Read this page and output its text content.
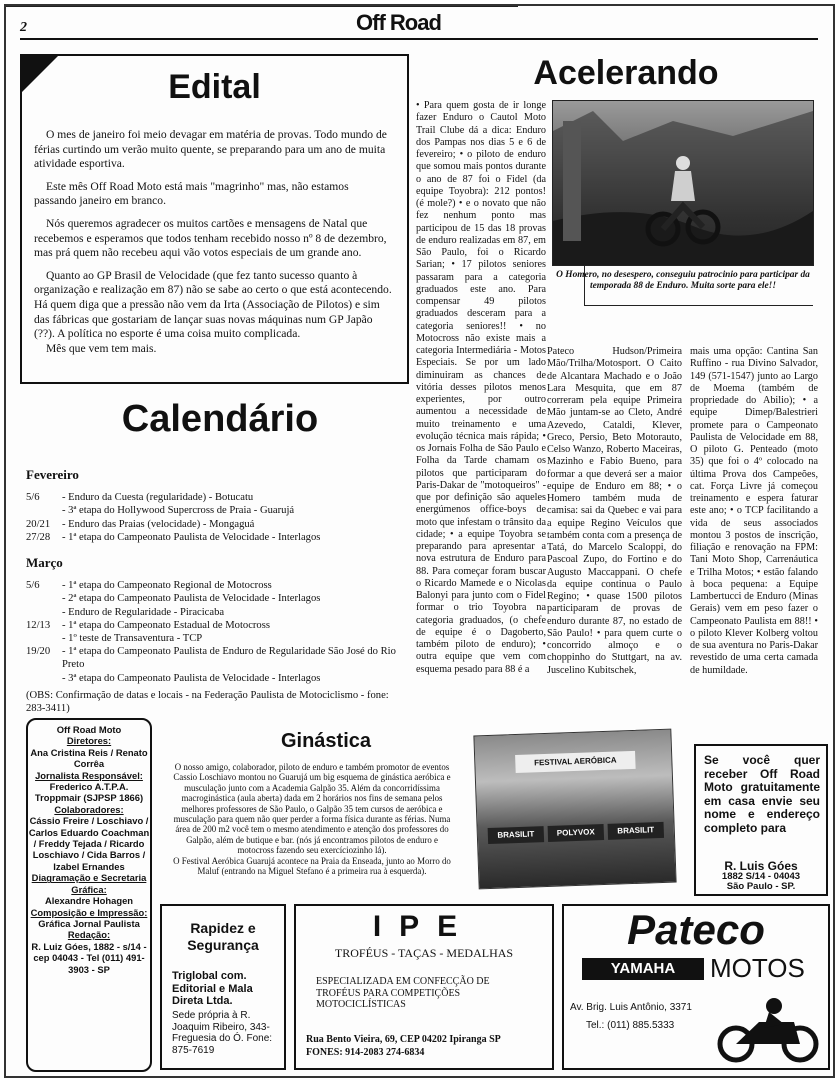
2	Off Road
Edital

O mes de janeiro foi meio devagar em matéria de provas. Todo mundo de férias curtindo um verão muito quente, se preparando para um ano de muita atividade esportiva.

Este mês Off Road Moto está mais "magrinho" mas, não estamos passando janeiro em branco.

Nós queremos agradecer os muitos cartões e mensagens de Natal que recebemos e esperamos que todos tenham recebido nosso nº 8 de dezembro, mas prá quem não recebeu aqui vão votos especiais de um grande ano.

Quanto ao GP Brasil de Velocidade (que fez tanto sucesso quanto à organização e realização em 87) não se sabe ao certo o que está acontecendo. Há quem diga que a pressão não vem da Irta (Associação de Pilotos) e sim das fábricas que gostariam de lançar suas novas máquinas num GP Japão (??). A política no esporte é uma coisa muito complicada.

Mês que vem tem mais.

Calendário
Fevereiro
5/6	- Enduro da Cuesta (regularidade) - Botucatu
- 3ª etapa do Hollywood Supercross de Praia - Guarujá
20/21	- Enduro das Praias (velocidade) - Mongaguá
27/28	- 1ª etapa do Campeonato Paulista de Velocidade - Interlagos
Março
5/6	- 1ª etapa do Campeonato Regional de Motocross
- 2ª etapa do Campeonato Paulista de Velocidade - Interlagos
- Enduro de Regularidade - Piracicaba
12/13	- 1ª etapa do Campeonato Estadual de Motocross
- 1º teste de Transaventura - TCP
19/20	- 1ª etapa do Campeonato Paulista de Enduro de Regularidade São José do Rio Preto
- 3ª etapa do Campeonato Paulista de Velocidade - Interlagos
(OBS: Confirmação de datas e locais - na Federação Paulista de Motociclismo - fone: 283-3411)
Acelerando

• Para quem gosta de ir longe fazer Enduro o Cautol Moto Trail Clube dá a dica: Enduro dos Pampas nos dias 5 e 6 de fevereiro; • o piloto de enduro que somou mais pontos durante o ano de 87 foi o Fidel (da equipe Toyobra): 212 pontos! (é mole?) • e o novato que não fez nenhum ponto mas participou de 15 das 18 provas de enduro realizadas em 87, em São Paulo, foi o Ricardo Sarian; • 17 pilotos seniores passaram para a categoria graduados este ano. Para compensar 49 pilotos graduados desceram para a categoria seniores!! • no Motocross não existe mais a categoria Intermediária - Motos Especiais. Se por um lado diminuiram as chances de vitória desses pilotos menos experientes, por outro aumentou a necessidade de muito treinamento e uma evolução técnica mais rápida; • os Jornais Folha de São Paulo e Folha da Tarde chamam os pilotos que participaram do Paris-Dakar de "motoqueiros" - que por definição são aqueles energúmenos office-boys de moto que infestam o trânsito da cidade; • a equipe Toyobra se preparando para apresentar a nova estrutura de Enduro para 88. Para começar foram buscar o Ricardo Mamede e o Nicolas Balonyi para junto com o Fidel formar o trio Toyobra na categoria graduados, (o chefe de equipe é o Dagoberto, também piloto de enduro); • outra equipe que vem com esquema pesado para 88 é a

O Homero, no desespero, conseguiu patrocinio para participar da temporada 88 de Enduro. Muita sorte para ele!!

Pateco Hudson/Primeira Mão/Trilha/Motosport. O Caito de Alcantara Machado e o João Lara Mesquita, que em 87 correram pela equipe Primeira Mão juntam-se ao Cleto, André Azevedo, Cataldi, Klever, Greco, Persio, Beto Motorauto, Celso Wanzo, Roberto Maceiras, Mazinho e Fabio Bueno, para formar a que deverá ser a maior equipe de Enduro em 88; • o Homero também muda de camisa: sai da Quebec e vai para a equipe Regino Veículos que também conta com a presença de Tatá, do Marcelo Scaloppi, do Pascoal Zupo, do Fortino e do Augusto Maccappani. O chefe da equipe continua o Paulo Regino; • quase 1500 pilotos participaram de provas de enduro durante 87, no estado de São Paulo! • para quem curte o concorrido almoço e o choppinho do Stuttgart, na av. Juscelino Kubitschek,

mais uma opção: Cantina San Ruffino - rua Divino Salvador, 149 (571-1547) junto ao Largo de Moema (também de propriedade do Abilio); • a equipe Dimep/Balestrieri promete para o Campeonato Paulista de Velocidade em 88, O piloto G. Penteado (moto 35) que foi o 4º colocado na última Prova dos Campeões, cat. Força Livre já começou treinamento e espera faturar este ano; • o TCP facilitando a vida de seus associados montou 3 postos de inscrição, filiação e renovação na FPM: Tani Moto Shop, Carrenáutica e Trilha Motos; • estão falando à boca pequena: a Equipe Lambertucci de Enduro (Minas Gerais) vem em peso fazer o Campeonato Paulista em 88!! • o piloto Klever Kolberg voltou de sua aventura no Paris-Dakar revestido de uma certa camada de humildade.

Off Road Moto
Diretores:
Ana Cristina Reis / Renato Corrêa
Jornalista Responsável:
Frederico A.T.P.A. Troppmair (SJPSP 1866)
Colaboradores:
Cássio Freire / Loschiavo / Carlos Eduardo Coachman / Freddy Tejada / Ricardo Loschiavo / Cida Barros / Izabel Ernandes
Diagramação e Secretaria Gráfica:
Alexandre Hohagen
Composição e Impressão:
Gráfica Jornal Paulista
Redação:
R. Luiz Góes, 1882 - s/14 - cep 04043 - Tel (011) 491-3903 - SP
Ginástica

O nosso amigo, colaborador, piloto de enduro e também promotor de eventos Cassio Loschiavo montou no Guarujá um big esquema de ginástica aeróbica e musculação junto com a Academia Galpão 35. Além da concorridíssima macroginástica (aula aberta) dada em 2 horários nos fins de semana pelos melhores professores de São Paulo, o Galpão 35 tem cursos de aeróbica e musculação para quem não quer perder a forma física durante as férias. Numa área de 200 m2 você tem o mesmo atendimento e atenção dos professores do Galpão, além de butique e bar. (nós já encontramos pilotos de enduro e motocross fazendo seu exercíciozinho lá).

O Festival Aeróbica Guarujá acontece na Praia da Enseada, junto ao Morro do Maluf (entrando na Miguel Stefano é a primeira rua à esquerda).

FESTIVAL AERÓBICA
BRASILIT	POLYVOX	BRASILIT
Se você quer receber Off Road Moto gratuitamente em casa envie seu nome e endereço completo para
R. Luis Góes
1882 S/14 - 04043
São Paulo - SP.
Rapidez e Segurança
Triglobal com. Editorial e Mala Direta Ltda.
Sede própria à R. Joaquim Ribeiro, 343- Freguesia do Ó. Fone: 875-7619
IPE
TROFÉUS - TAÇAS - MEDALHAS
ESPECIALIZADA EM CONFECÇÃO DE TROFÉUS PARA COMPETIÇÕES MOTOCICLÍSTICAS
Rua Bento Vieira, 69, CEP 04202 Ipiranga SP
FONES: 914-2083 274-6834
Pateco
YAMAHA	MOTOS
Av. Brig. Luis Antônio, 3371
Tel.: (011) 885.5333
